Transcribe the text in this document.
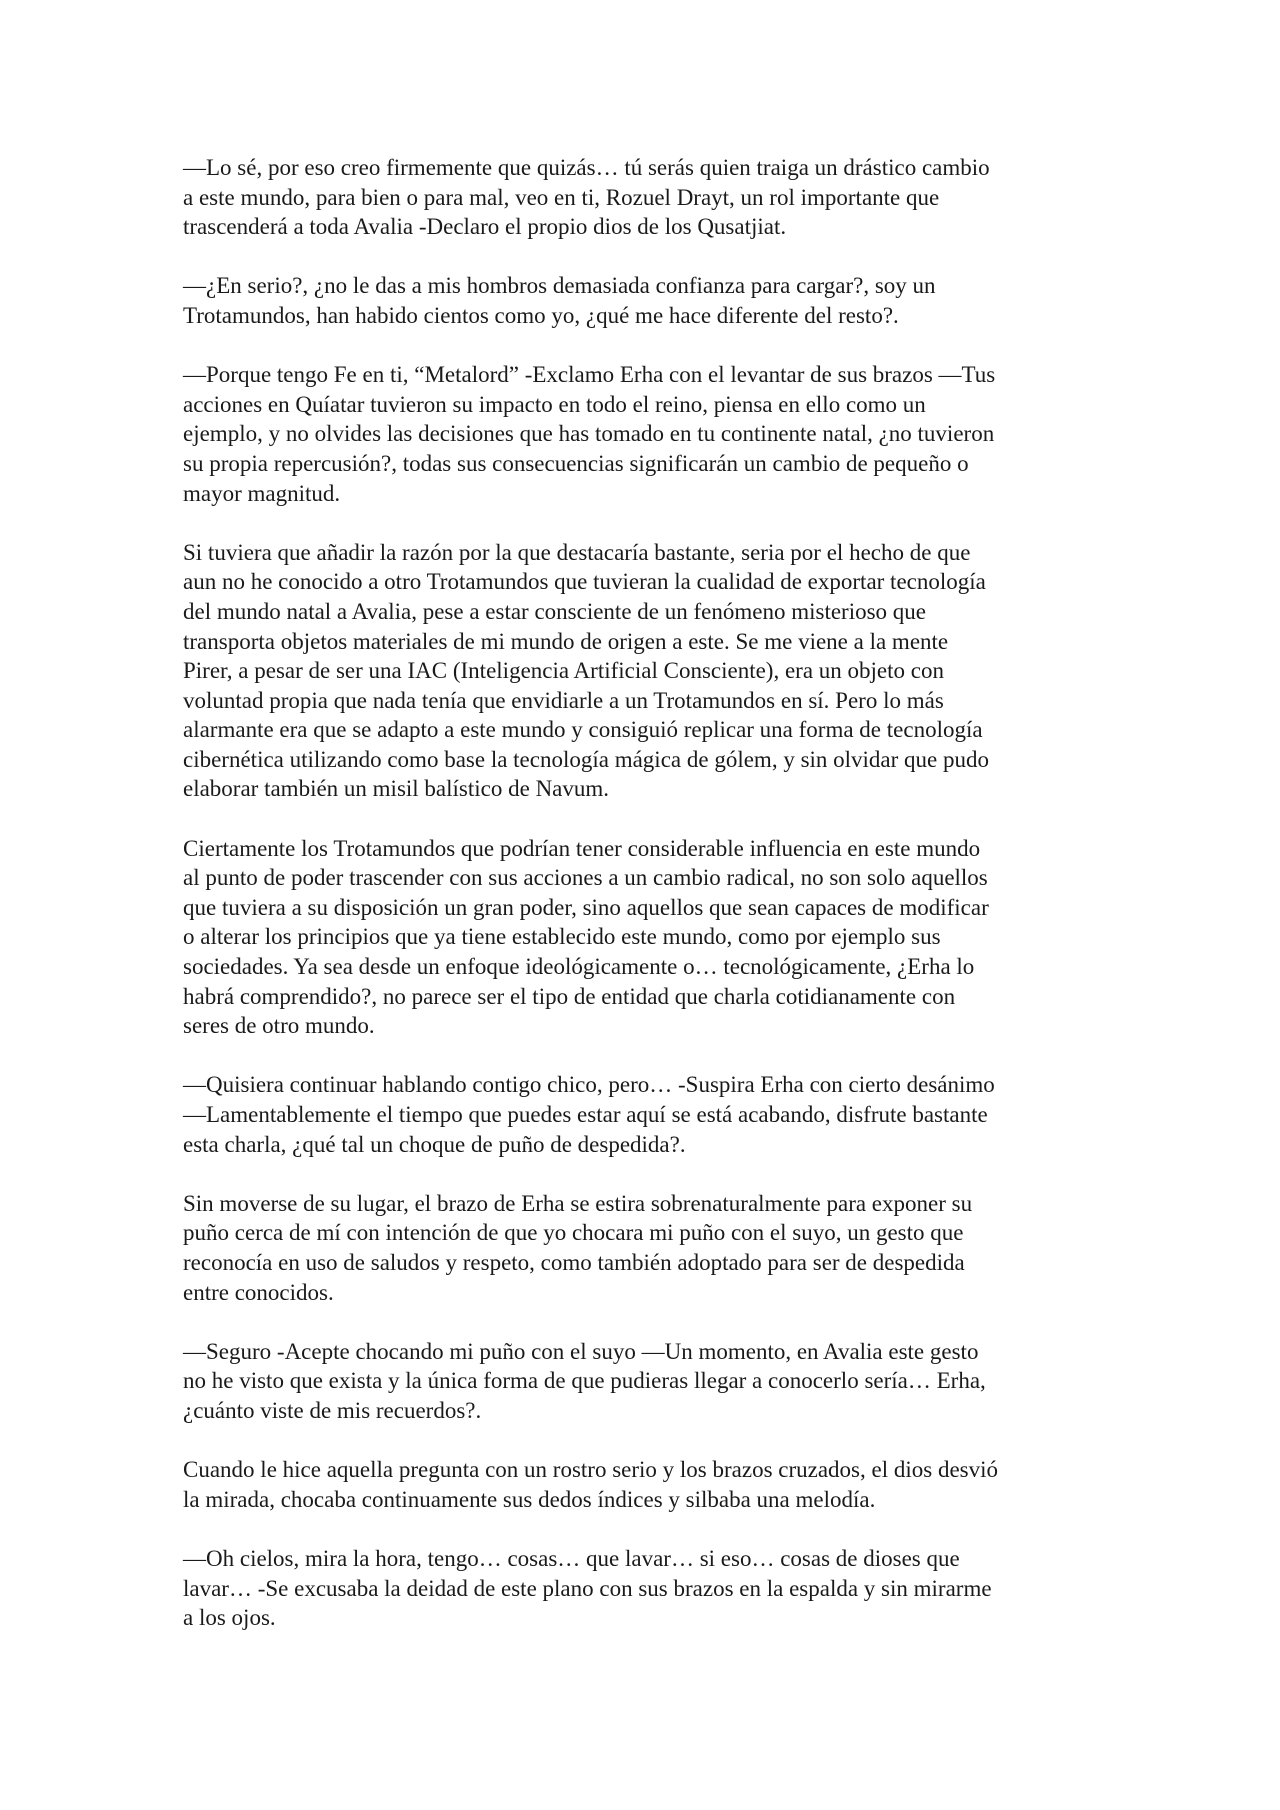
—Lo sé, por eso creo firmemente que quizás… tú serás quien traiga un drástico cambio
a este mundo, para bien o para mal, veo en ti, Rozuel Drayt, un rol importante que
trascenderá a toda Avalia -Declaro el propio dios de los Qusatjiat.

—¿En serio?, ¿no le das a mis hombros demasiada confianza para cargar?, soy un
Trotamundos, han habido cientos como yo, ¿qué me hace diferente del resto?.

—Porque tengo Fe en ti, “Metalord” -Exclamo Erha con el levantar de sus brazos —Tus
acciones en Quíatar tuvieron su impacto en todo el reino, piensa en ello como un
ejemplo, y no olvides las decisiones que has tomado en tu continente natal, ¿no tuvieron
su propia repercusión?, todas sus consecuencias significarán un cambio de pequeño o
mayor magnitud.

Si tuviera que añadir la razón por la que destacaría bastante, seria por el hecho de que
aun no he conocido a otro Trotamundos que tuvieran la cualidad de exportar tecnología
del mundo natal a Avalia, pese a estar consciente de un fenómeno misterioso que
transporta objetos materiales de mi mundo de origen a este. Se me viene a la mente
Pirer, a pesar de ser una IAC (Inteligencia Artificial Consciente), era un objeto con
voluntad propia que nada tenía que envidiarle a un Trotamundos en sí. Pero lo más
alarmante era que se adapto a este mundo y consiguió replicar una forma de tecnología
cibernética utilizando como base la tecnología mágica de gólem, y sin olvidar que pudo
elaborar también un misil balístico de Navum.

Ciertamente los Trotamundos que podrían tener considerable influencia en este mundo
al punto de poder trascender con sus acciones a un cambio radical, no son solo aquellos
que tuviera a su disposición un gran poder, sino aquellos que sean capaces de modificar
o alterar los principios que ya tiene establecido este mundo, como por ejemplo sus
sociedades. Ya sea desde un enfoque ideológicamente o… tecnológicamente, ¿Erha lo
habrá comprendido?, no parece ser el tipo de entidad que charla cotidianamente con
seres de otro mundo.

—Quisiera continuar hablando contigo chico, pero… -Suspira Erha con cierto desánimo
—Lamentablemente el tiempo que puedes estar aquí se está acabando, disfrute bastante
esta charla, ¿qué tal un choque de puño de despedida?.

Sin moverse de su lugar, el brazo de Erha se estira sobrenaturalmente para exponer su
puño cerca de mí con intención de que yo chocara mi puño con el suyo, un gesto que
reconocía en uso de saludos y respeto, como también adoptado para ser de despedida
entre conocidos.

—Seguro -Acepte chocando mi puño con el suyo —Un momento, en Avalia este gesto
no he visto que exista y la única forma de que pudieras llegar a conocerlo sería… Erha,
¿cuánto viste de mis recuerdos?.

Cuando le hice aquella pregunta con un rostro serio y los brazos cruzados, el dios desvió
la mirada, chocaba continuamente sus dedos índices y silbaba una melodía.

—Oh cielos, mira la hora, tengo… cosas… que lavar… si eso… cosas de dioses que
lavar… -Se excusaba la deidad de este plano con sus brazos en la espalda y sin mirarme
a los ojos.
